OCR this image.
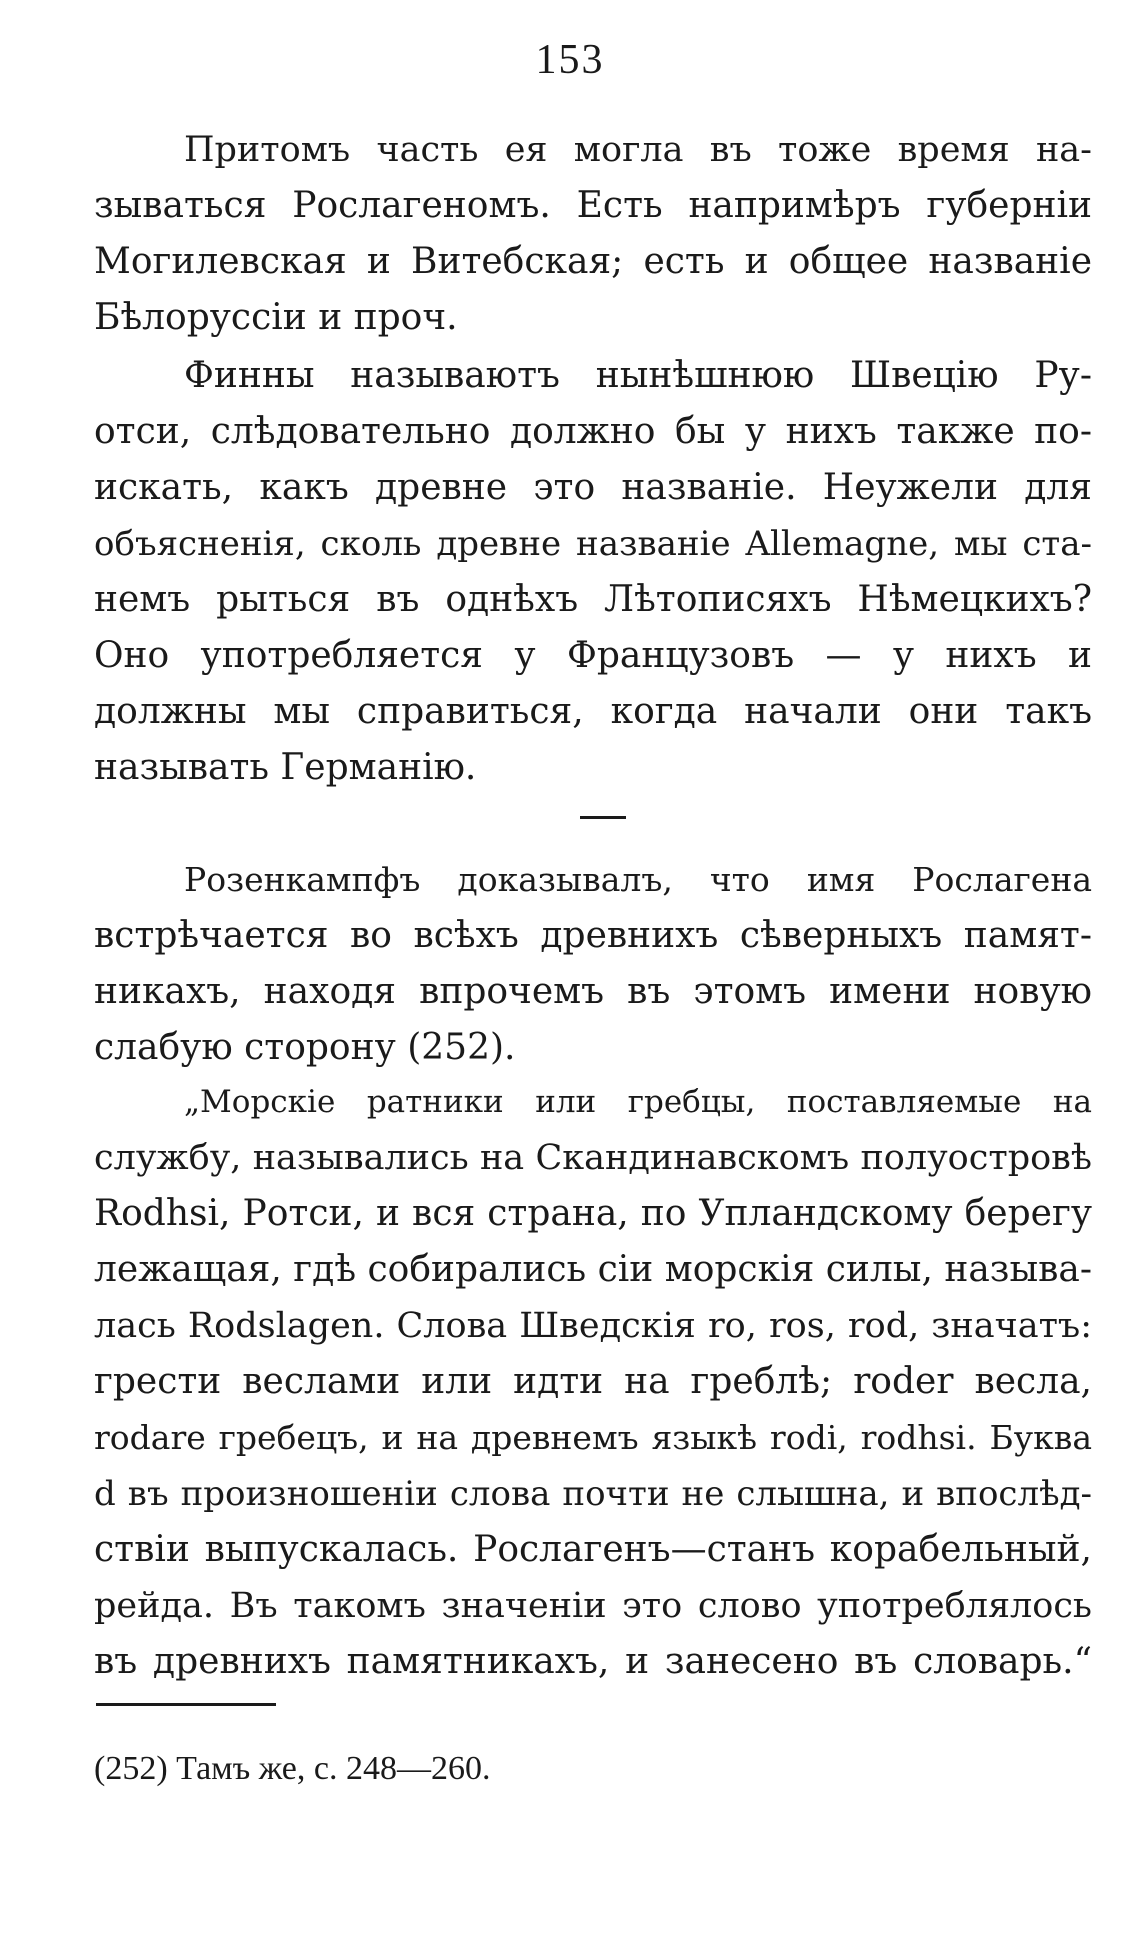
153
Притомъ часть ея могла въ тоже время на-
зываться Рослагеномъ. Есть напримѣръ губерніи
Могилевская и Витебская; есть и общее названіе
Бѣлоруссіи и проч.
Финны называютъ нынѣшнюю Швецію Ру-
отси, слѣдовательно должно бы у нихъ также по-
искать, какъ древне это названіе. Неужели для
объясненія, сколь древне названіе Allemagne, мы ста-
немъ рыться въ однѣхъ Лѣтописяхъ Нѣмецкихъ?
Оно употребляется у Французовъ — у нихъ и
должны мы справиться, когда начали они такъ
называть Германію.
Розенкампфъ доказывалъ, что имя Рослагена
встрѣчается во всѣхъ древнихъ сѣверныхъ памят-
никахъ, находя впрочемъ въ этомъ имени новую
слабую сторону (252).
„Морскіе ратники или гребцы, поставляемые на
службу, назывались на Скандинавскомъ полуостровѣ
Rodhsi, Ротси, и вся страна, по Упландскому берегу
лежащая, гдѣ собирались сіи морскія силы, называ-
лась Rodslagen. Слова Шведскія ro, ros, rod, значатъ:
грести веслами или идти на греблѣ; roder весла,
rodare гребецъ, и на древнемъ языкѣ rodi, rodhsi. Буква
d въ произношеніи слова почти не слышна, и впослѣд-
ствіи выпускалась. Рослагенъ—станъ корабельный,
рейда. Въ такомъ значеніи это слово употреблялось
въ древнихъ памятникахъ, и занесено въ словарь.“
(252) Тамъ же, с. 248—260.
